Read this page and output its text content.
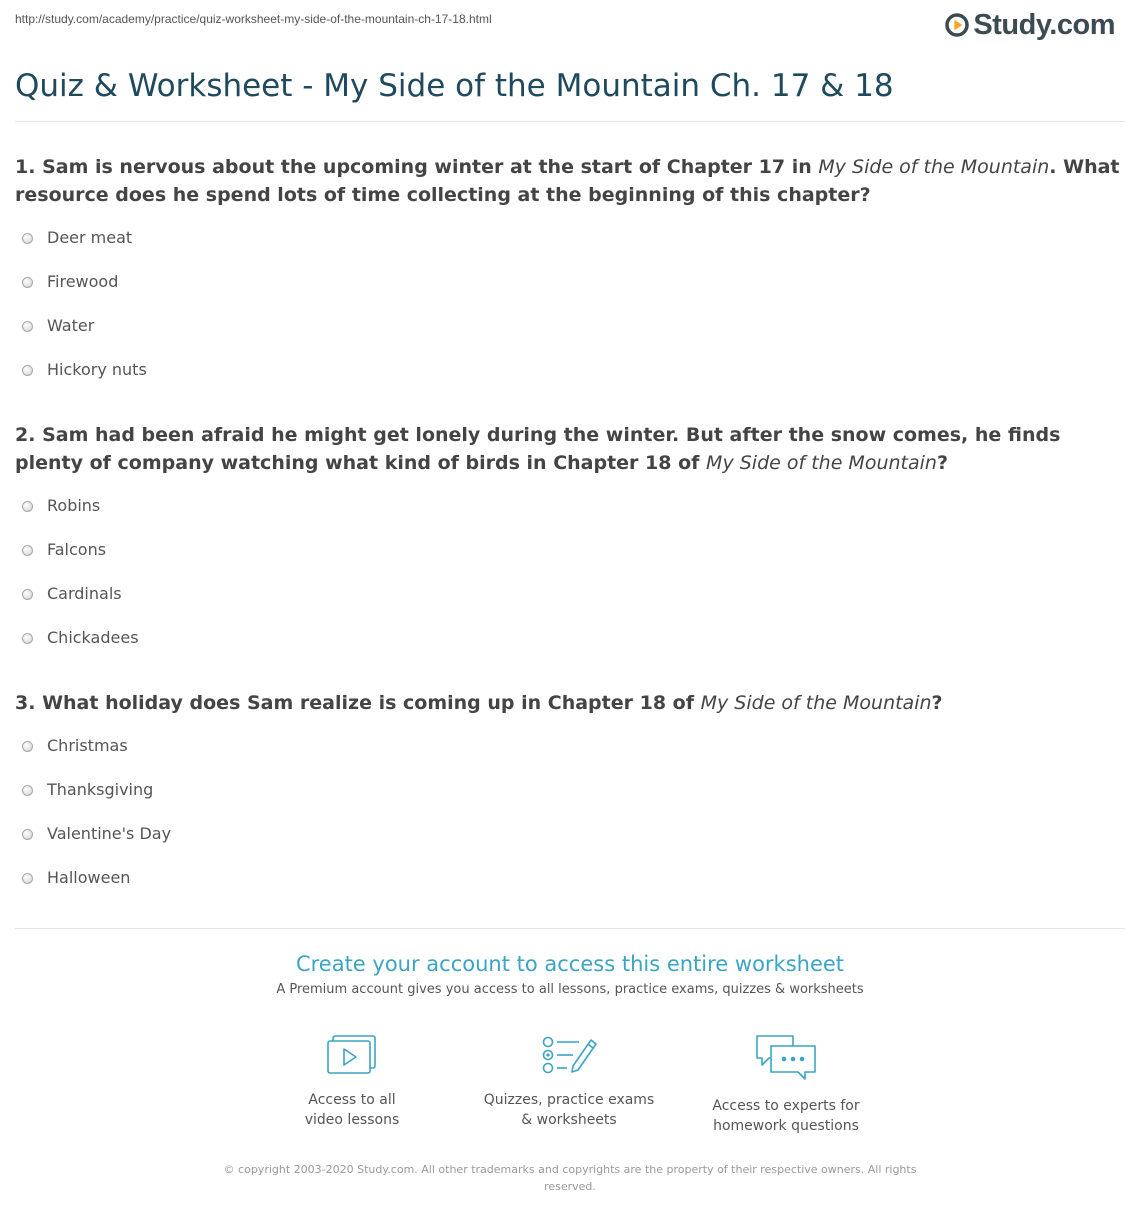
http://study.com/academy/practice/quiz-worksheet-my-side-of-the-mountain-ch-17-18.html	Study.com
Quiz & Worksheet - My Side of the Mountain Ch. 17 & 18

1. Sam is nervous about the upcoming winter at the start of Chapter 17 in My Side of the Mountain. What resource does he spend lots of time collecting at the beginning of this chapter?

Deer meat
Firewood
Water
Hickory nuts

2. Sam had been afraid he might get lonely during the winter. But after the snow comes, he finds plenty of company watching what kind of birds in Chapter 18 of My Side of the Mountain?

Robins
Falcons
Cardinals
Chickadees

3. What holiday does Sam realize is coming up in Chapter 18 of My Side of the Mountain?

Christmas
Thanksgiving
Valentine's Day
Halloween
Create your account to access this entire worksheet
A Premium account gives you access to all lessons, practice exams, quizzes & worksheets
Access to all
video lessons
Quizzes, practice exams
& worksheets
Access to experts for
homework questions
© copyright 2003-2020 Study.com. All other trademarks and copyrights are the property of their respective owners. All rights reserved.
